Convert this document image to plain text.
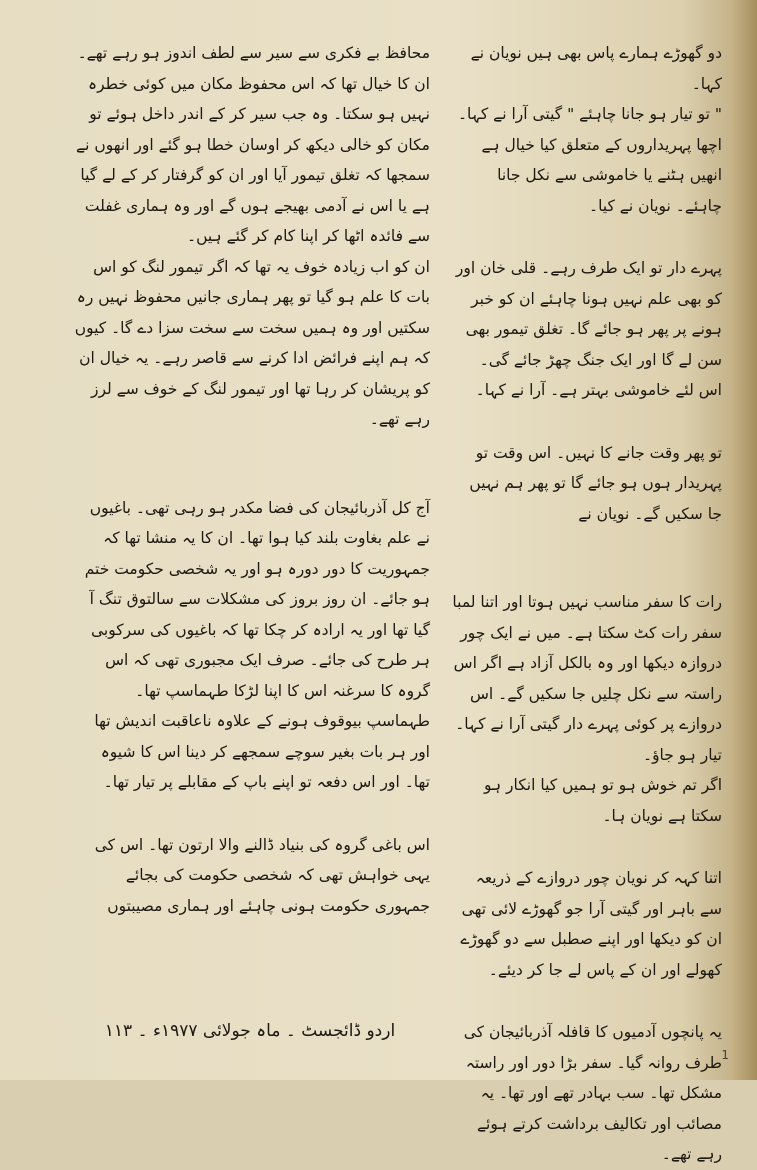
دو گھوڑے ہمارے پاس بھی ہیں نویان نے کہا۔
" تو تیار ہو جانا چاہئے " گیتی آرا نے کہا۔
اچھا پہریداروں کے متعلق کیا خیال ہے انھیں ہٹنے یا خاموشی سے نکل جانا چاہئے۔ نویان نے کیا۔

پہرے دار تو ایک طرف رہے۔ قلی خان اور کو بھی علم نہیں ہونا چاہئے ان کو خبر ہونے پر پھر ہو جائے گا۔ تغلق تیمور بھی سن لے گا اور ایک جنگ چھڑ جائے گی۔ اس لئے خاموشی بہتر ہے۔ آرا نے کہا۔

تو پھر وقت جانے کا نہیں۔ اس وقت تو پہریدار ہوں ہو جائے گا تو پھر ہم نہیں جا سکیں گے۔ نویان نے

رات کا سفر مناسب نہیں ہوتا اور اتنا لمبا سفر رات کٹ سکتا ہے۔ میں نے ایک چور دروازہ دیکھا اور وہ بالکل آزاد ہے اگر اس راستہ سے نکل چلیں جا سکیں گے۔ اس دروازے پر کوئی پہرے دار گیتی آرا نے کہا۔ تیار ہو جاؤ۔
اگر تم خوش ہو تو ہمیں کیا انکار ہو سکتا ہے نویان ہا۔

اتنا کہہ کر نویان چور دروازے کے ذریعہ سے باہر اور گیتی آرا جو گھوڑے لائی تھی ان کو دیکھا اور اپنے صطبل سے دو گھوڑے کھولے اور ان کے پاس لے جا کر دیئے۔

یہ پانچوں آدمیوں کا قافلہ آذربائیجان کی طرف روانہ گیا۔ سفر بڑا دور اور راستہ مشکل تھا۔ سب بہادر تھے اور تھا۔ یہ مصائب اور تکالیف برداشت کرتے ہوئے رہے تھے۔

محافظ بے فکری سے سیر سے لطف اندوز ہو رہے تھے۔ ان کا خیال تھا کہ اس محفوظ مکان میں کوئی خطرہ نہیں ہو سکتا۔ وہ جب سیر کر کے اندر داخل ہوئے تو مکان کو خالی دیکھ کر اوسان خطا ہو گئے اور انھوں نے سمجھا کہ تغلق تیمور آیا اور ان کو گرفتار کر کے لے گیا ہے یا اس نے آدمی بھیجے ہوں گے اور وہ ہماری غفلت سے فائدہ اٹھا کر اپنا کام کر گئے ہیں۔
ان کو اب زیادہ خوف یہ تھا کہ اگر تیمور لنگ کو اس بات کا علم ہو گیا تو پھر ہماری جانیں محفوظ نہیں رہ سکتیں اور وہ ہمیں سخت سے سخت سزا دے گا۔ کیوں کہ ہم اپنے فرائض ادا کرنے سے قاصر رہے۔ یہ خیال ان کو پریشان کر رہا تھا اور تیمور لنگ کے خوف سے لرز رہے تھے۔

آج کل آذربائیجان کی فضا مکدر ہو رہی تھی۔ باغیوں نے علم بغاوت بلند کیا ہوا تھا۔ ان کا یہ منشا تھا کہ جمہوریت کا دور دورہ ہو اور یہ شخصی حکومت ختم ہو جائے۔ ان روز بروز کی مشکلات سے سالتوق تنگ آ گیا تھا اور یہ ارادہ کر چکا تھا کہ باغیوں کی سرکوبی ہر طرح کی جائے۔ صرف ایک مجبوری تھی کہ اس گروہ کا سرغنہ اس کا اپنا لڑکا طہماسپ تھا۔
طہماسپ بیوقوف ہونے کے علاوہ ناعاقبت اندیش تھا اور ہر بات بغیر سوچے سمجھے کر دینا اس کا شیوہ تھا۔ اور اس دفعہ تو اپنے باپ کے مقابلے پر تیار تھا۔

اس باغی گروہ کی بنیاد ڈالنے والا ارتون تھا۔ اس کی یہی خواہش تھی کہ شخصی حکومت کی بجائے جمہوری حکومت ہونی چاہئے اور ہماری مصیبتوں

اردو ڈائجسٹ ۔ ماہ جولائی ۱۹۷۷ء ۔ ۱۱۳
1
